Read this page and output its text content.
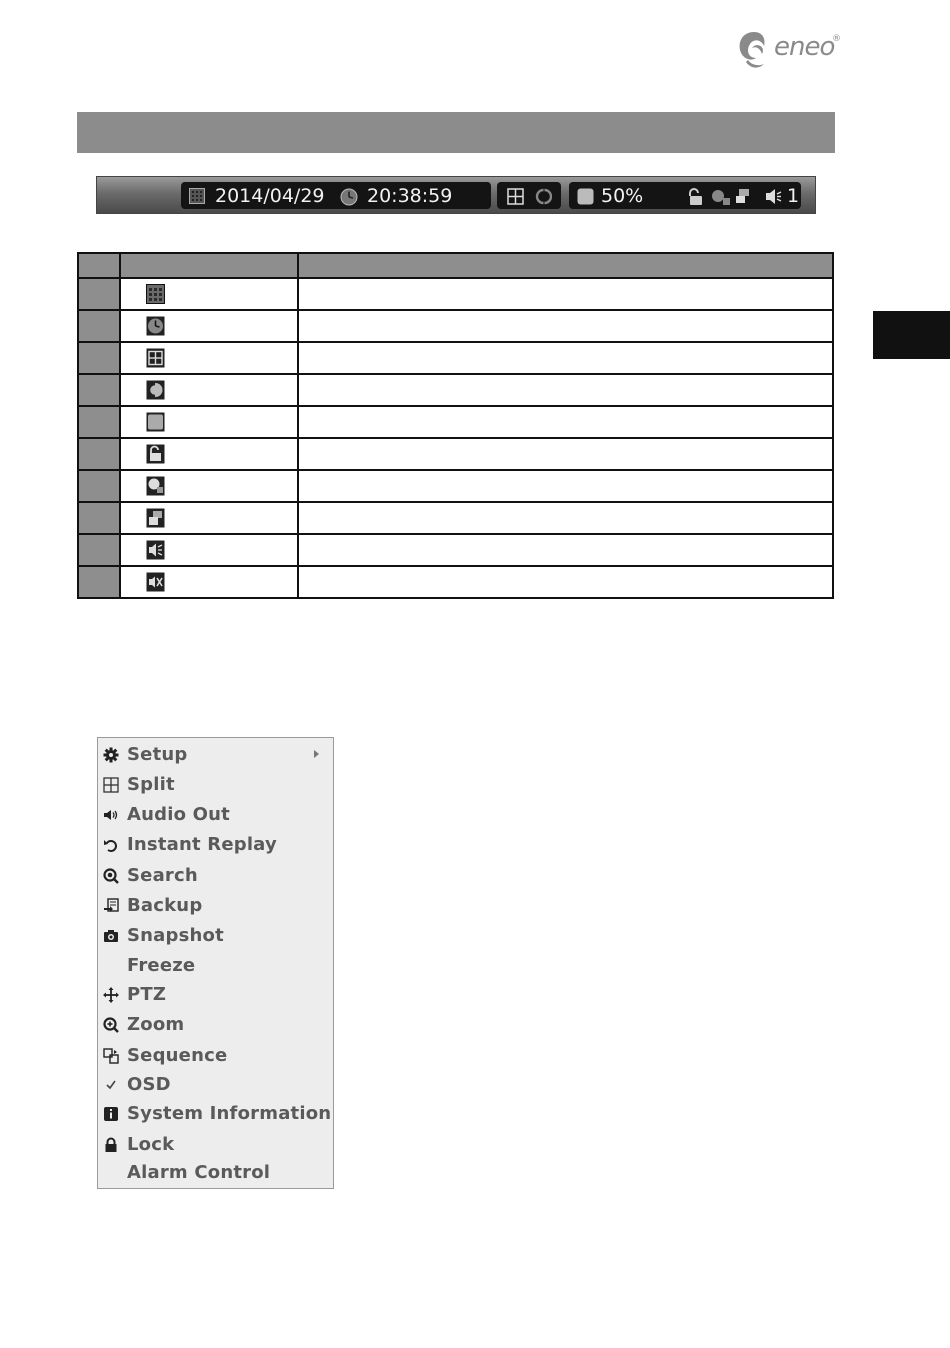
eneo
®
2014/04/29 20:38:59	50%	1

Setup
Split
Audio Out
Instant Replay
Search
Backup
Snapshot
Freeze
PTZ
Zoom
Sequence
OSD
System Information
Lock
Alarm Control
